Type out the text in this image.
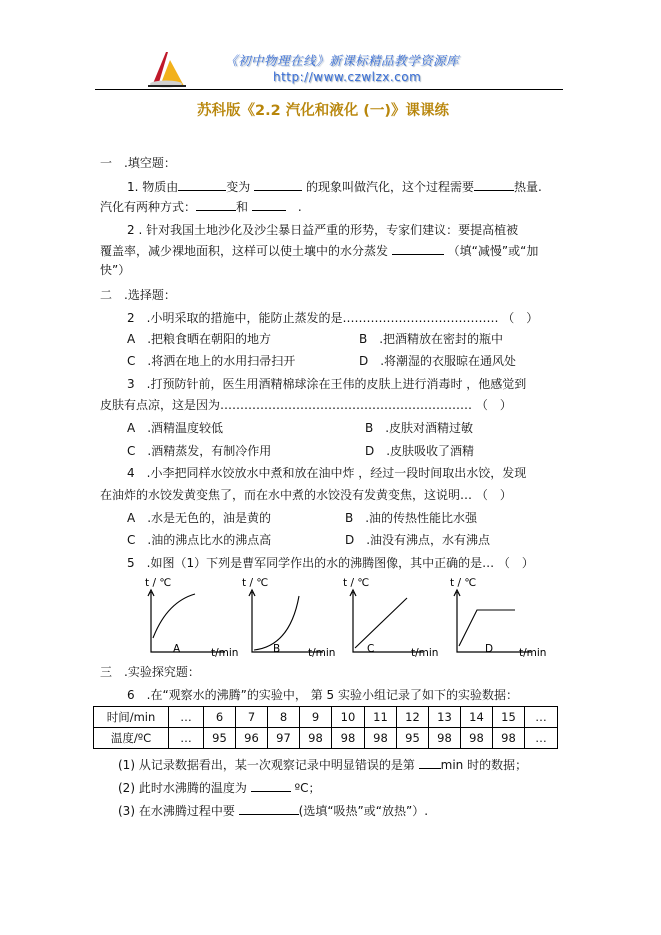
《初中物理在线》新课标精品教学资源库
http://www.czwlzx.com
苏科版《2.2 汽化和液化 (一)》课课练
一　.填空题：
1. 物质由	变为	的现象叫做汽化，这个过程需要	热量.
汽化有两种方式：	和 　	.
2 . 针对我国土地沙化及沙尘暴日益严重的形势，专家们建议：要提高植被
覆盖率，减少裸地面积，这样可以使土壤中的水分蒸发	（填“减慢”或“加
快”）
二　.选择题：
2　.小明采取的措施中，能防止蒸发的是………………………………… （　）
A　.把粮食晒在朝阳的地方	B　.把酒精放在密封的瓶中
C　.将洒在地上的水用扫帚扫开	D　.将潮湿的衣服晾在通风处
3　.打预防针前，医生用酒精棉球涂在王伟的皮肤上进行消毒时 ，他感觉到
皮肤有点凉，这是因为……………………………………………………… （　）
A　.酒精温度较低	B　.皮肤对酒精过敏
C　.酒精蒸发，有制冷作用	D　.皮肤吸收了酒精
4　.小李把同样水饺放水中煮和放在油中炸 ，经过一段时间取出水饺，发现
在油炸的水饺发黄变焦了，而在水中煮的水饺没有发黄变焦，这说明… （　）
A　.水是无色的，油是黄的	B　.油的传热性能比水强
C　.油的沸点比水的沸点高	D　.油没有沸点，水有沸点
5　.如图（1）下列是曹军同学作出的水的沸腾图像，其中正确的是… （　）
t / ℃
A	t/min
t / ℃
B	t/min
t / ℃
C	t/min
t / ℃
D t/min
三　.实验探究题：
6　.在“观察水的沸腾”的实验中， 第 5 实验小组记录了如下的实验数据：
时间/min	…	6	7	8	9	10	11	12	13	14	15	…
温度/ºC	…	95	96	97	98	98	98	95	98	98	98	…
(1) 从记录数据看出，某一次观察记录中明显错误的是第 min 时的数据；
(2) 此时水沸腾的温度为	ºC；
(3) 在水沸腾过程中要	(选填“吸热”或“放热”）.
